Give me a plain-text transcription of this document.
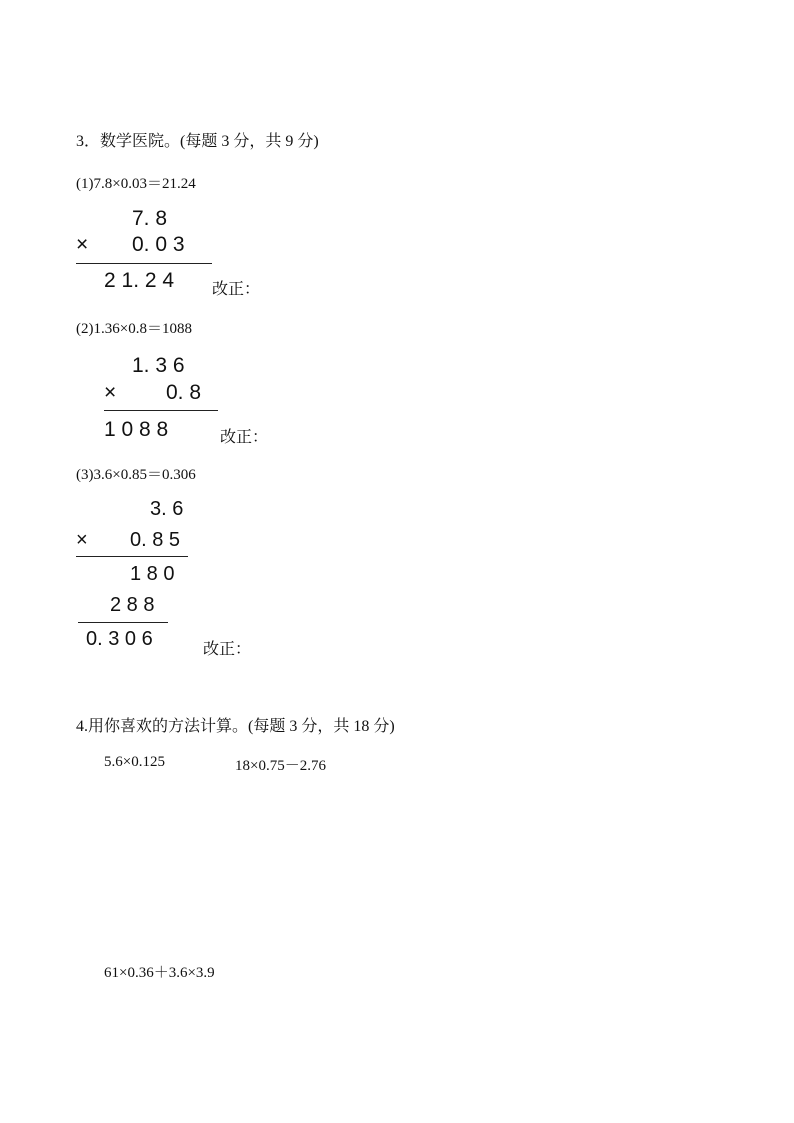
3．数学医院。(每题 3 分，共 9 分)
(1)7.8×0.03＝21.24
7. 8
× 0. 0 3
2 1. 2 4 改正：
(2)1.36×0.8＝1088
1. 3 6
× 0. 8
1 0 8 8	改正：
(3)3.6×0.85＝0.306
3. 6
× 0. 8 5
1 8 0
2 8 8
0. 3 0 6	改正：
4.用你喜欢的方法计算。(每题 3 分，共 18 分)
5.6×0.125	18×0.75－2.76
61×0.36＋3.6×3.9
